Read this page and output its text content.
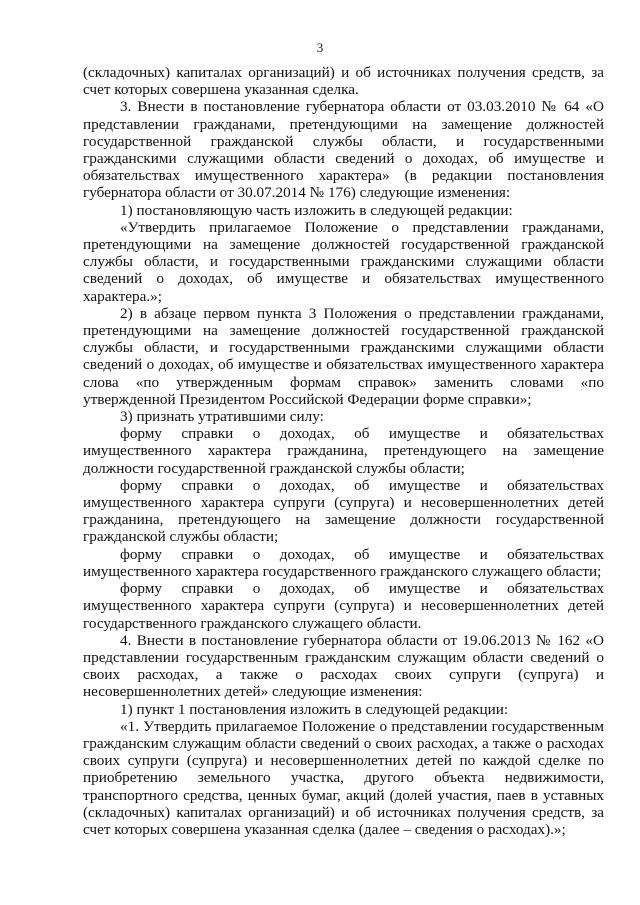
3

(складочных) капиталах организаций) и об источниках получения средств, за счет которых совершена указанная сделка.

3. Внести в постановление губернатора области от 03.03.2010 № 64 «О представлении гражданами, претендующими на замещение должностей государственной гражданской службы области, и государственными гражданскими служащими области сведений о доходах, об имуществе и обязательствах имущественного характера» (в редакции постановления губернатора области от 30.07.2014 № 176) следующие изменения:

1) постановляющую часть изложить в следующей редакции:

«Утвердить прилагаемое Положение о представлении гражданами, претендующими на замещение должностей государственной гражданской службы области, и государственными гражданскими служащими области сведений о доходах, об имуществе и обязательствах имущественного характера.»;

2) в абзаце первом пункта 3 Положения о представлении гражданами, претендующими на замещение должностей государственной гражданской службы области, и государственными гражданскими служащими области сведений о доходах, об имуществе и обязательствах имущественного характера слова «по утвержденным формам справок» заменить словами «по утвержденной Президентом Российской Федерации форме справки»;

3) признать утратившими силу:

форму справки о доходах, об имуществе и обязательствах имущественного характера гражданина, претендующего на замещение должности государственной гражданской службы области;

форму справки о доходах, об имуществе и обязательствах имущественного характера супруги (супруга) и несовершеннолетних детей гражданина, претендующего на замещение должности государственной гражданской службы области;

форму справки о доходах, об имуществе и обязательствах имущественного характера государственного гражданского служащего области;

форму справки о доходах, об имуществе и обязательствах имущественного характера супруги (супруга) и несовершеннолетних детей государственного гражданского служащего области.

4. Внести в постановление губернатора области от 19.06.2013 № 162 «О представлении государственным гражданским служащим области сведений о своих расходах, а также о расходах своих супруги (супруга) и несовершеннолетних детей» следующие изменения:

1) пункт 1 постановления изложить в следующей редакции:

«1. Утвердить прилагаемое Положение о представлении государственным гражданским служащим области сведений о своих расходах, а также о расходах своих супруги (супруга) и несовершеннолетних детей по каждой сделке по приобретению земельного участка, другого объекта недвижимости, транспортного средства, ценных бумаг, акций (долей участия, паев в уставных (складочных) капиталах организаций) и об источниках получения средств, за счет которых совершена указанная сделка (далее – сведения о расходах).»;
